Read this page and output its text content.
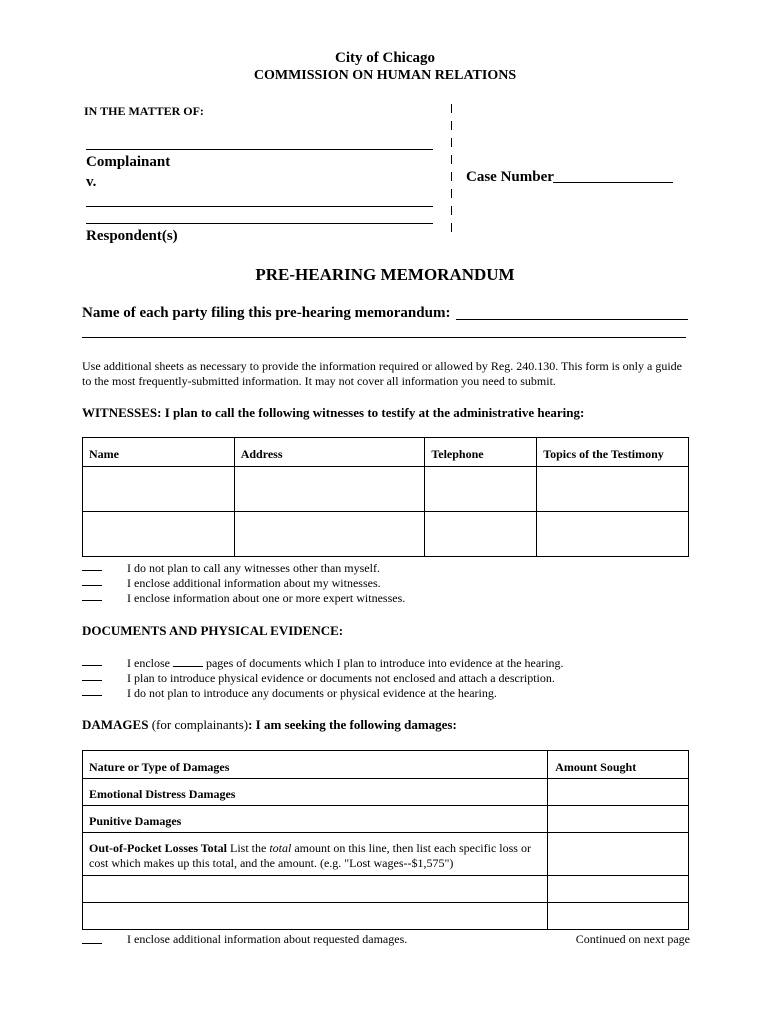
City of Chicago
COMMISSION ON HUMAN RELATIONS
IN THE MATTER OF:
Complainant
v.
Respondent(s)
Case Number
PRE-HEARING MEMORANDUM
Name of each party filing this pre-hearing memorandum:
Use additional sheets as necessary to provide the information required or allowed by Reg. 240.130. This form is only a guide to the most frequently-submitted information. It may not cover all information you need to submit.
WITNESSES: I plan to call the following witnesses to testify at the administrative hearing:
Name	Address	Telephone	Topics of the Testimony

I do not plan to call any witnesses other than myself.
I enclose additional information about my witnesses.
I enclose information about one or more expert witnesses.
DOCUMENTS AND PHYSICAL EVIDENCE:
I enclose	pages of documents which I plan to introduce into evidence at the hearing.
I plan to introduce physical evidence or documents not enclosed and attach a description.
I do not plan to introduce any documents or physical evidence at the hearing.
DAMAGES (for complainants): I am seeking the following damages:
Nature or Type of Damages	Amount Sought
Emotional Distress Damages	
Punitive Damages	
Out-of-Pocket Losses Total List the total amount on this line, then list each specific loss or cost which makes up this total, and the amount. (e.g. "Lost wages--$1,575")	

I enclose additional information about requested damages.	Continued on next page
